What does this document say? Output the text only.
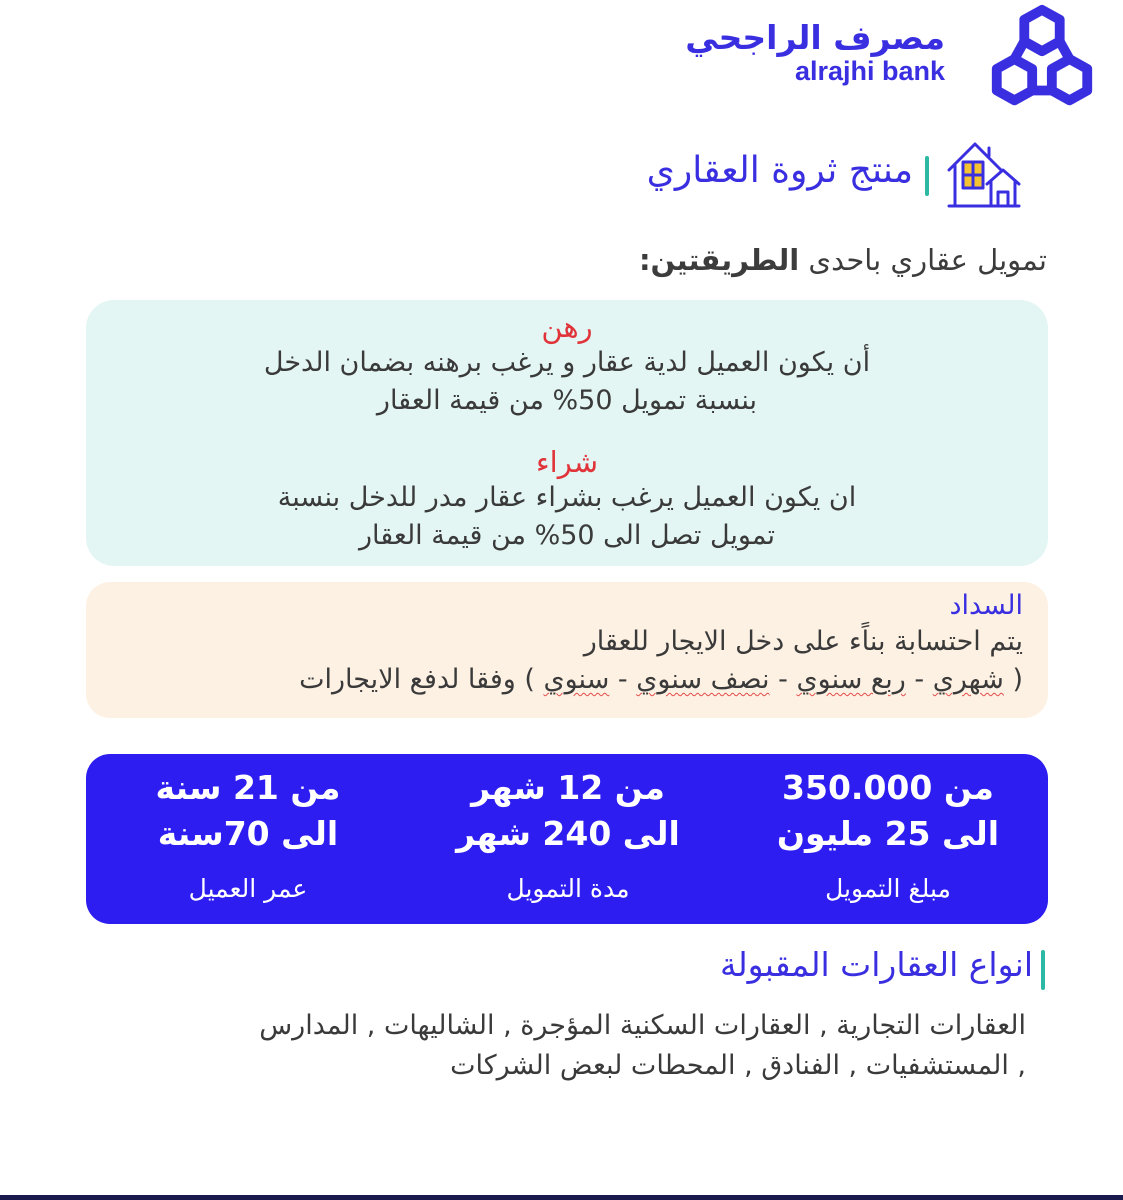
مصرف الراجحي
alrajhi bank
منتج ثروة العقاري
تمويل عقاري باحدى الطريقتين:
رهن
أن يكون العميل لدية عقار و يرغب برهنه بضمان الدخل
بنسبة تمويل 50% من قيمة العقار
شراء
ان يكون العميل يرغب بشراء عقار مدر للدخل بنسبة
تمويل تصل الى 50% من قيمة العقار
السداد
يتم احتسابة بناًء على دخل الايجار للعقار
( شهري - ربع سنوي - نصف سنوي - سنوي ) وفقا لدفع الايجارات
من 350.000
الى 25 مليون
مبلغ التمويل
من 12 شهر
الى 240 شهر
مدة التمويل
من 21 سنة
الى 70سنة
عمر العميل
انواع العقارات المقبولة
العقارات التجارية , العقارات السكنية المؤجرة , الشاليهات , المدارس
, المستشفيات , الفنادق , المحطات لبعض الشركات
